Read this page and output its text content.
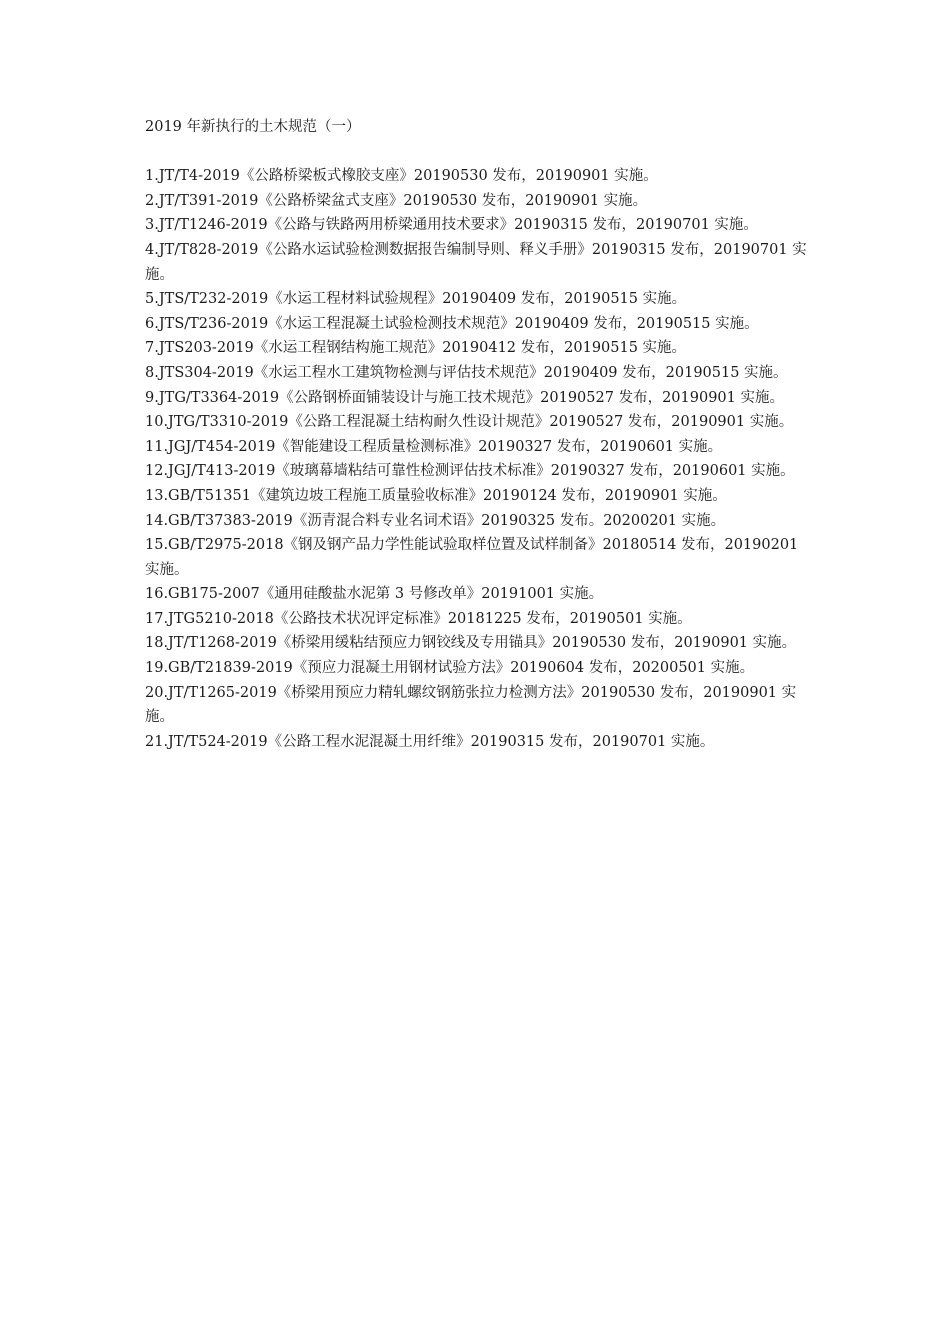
2019 年新执行的土木规范（一）
1.JT/T4-2019《公路桥梁板式橡胶支座》20190530 发布，20190901 实施。
2.JT/T391-2019《公路桥梁盆式支座》20190530 发布，20190901 实施。
3.JT/T1246-2019《公路与铁路两用桥梁通用技术要求》20190315 发布，20190701 实施。
4.JT/T828-2019《公路水运试验检测数据报告编制导则、释义手册》20190315 发布，20190701 实施。
5.JTS/T232-2019《水运工程材料试验规程》20190409 发布，20190515 实施。
6.JTS/T236-2019《水运工程混凝土试验检测技术规范》20190409 发布，20190515 实施。
7.JTS203-2019《水运工程钢结构施工规范》20190412 发布，20190515 实施。
8.JTS304-2019《水运工程水工建筑物检测与评估技术规范》20190409 发布，20190515 实施。
9.JTG/T3364-2019《公路钢桥面铺装设计与施工技术规范》20190527 发布，20190901 实施。
10.JTG/T3310-2019《公路工程混凝土结构耐久性设计规范》20190527 发布，20190901 实施。
11.JGJ/T454-2019《智能建设工程质量检测标准》20190327 发布，20190601 实施。
12.JGJ/T413-2019《玻璃幕墙粘结可靠性检测评估技术标准》20190327 发布，20190601 实施。
13.GB/T51351《建筑边坡工程施工质量验收标准》20190124 发布，20190901 实施。
14.GB/T37383-2019《沥青混合料专业名词术语》20190325 发布。20200201 实施。
15.GB/T2975-2018《钢及钢产品力学性能试验取样位置及试样制备》20180514 发布，20190201 实施。
16.GB175-2007《通用硅酸盐水泥第 3 号修改单》20191001 实施。
17.JTG5210-2018《公路技术状况评定标准》20181225 发布，20190501 实施。
18.JT/T1268-2019《桥梁用缓粘结预应力钢铰线及专用锚具》20190530 发布，20190901 实施。
19.GB/T21839-2019《预应力混凝土用钢材试验方法》20190604 发布，20200501 实施。
20.JT/T1265-2019《桥梁用预应力精轧螺纹钢筋张拉力检测方法》20190530 发布，20190901 实施。
21.JT/T524-2019《公路工程水泥混凝土用纤维》20190315 发布，20190701 实施。
